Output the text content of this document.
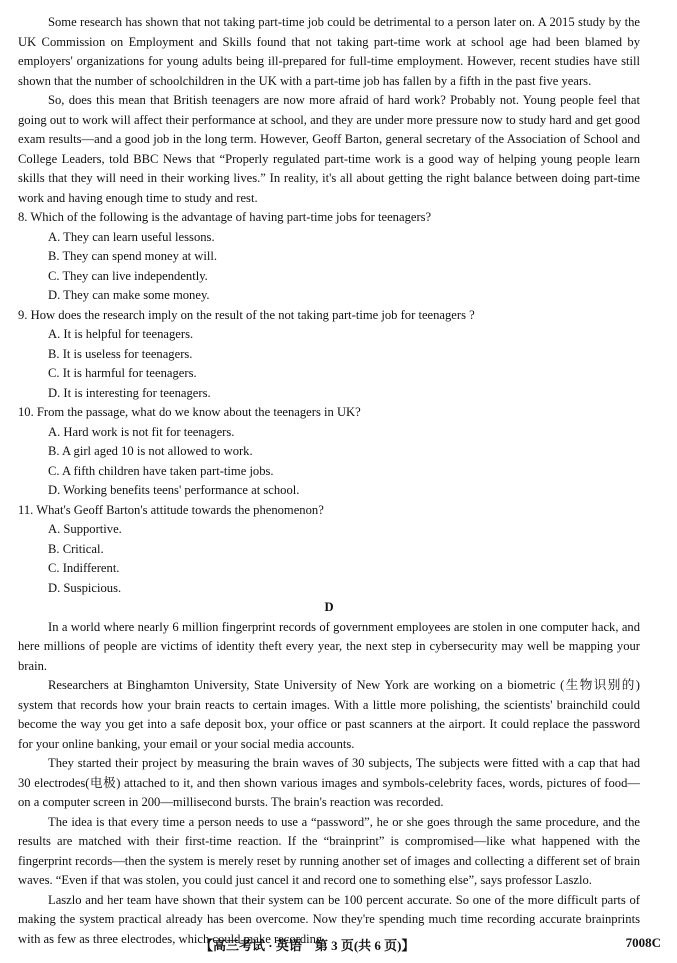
Some research has shown that not taking part-time job could be detrimental to a person later on. A 2015 study by the UK Commission on Employment and Skills found that not taking part-time work at school age had been blamed by employers' organizations for young adults being ill-prepared for full-time employment. However, recent studies have still shown that the number of schoolchildren in the UK with a part-time job has fallen by a fifth in the past five years.

So, does this mean that British teenagers are now more afraid of hard work? Probably not. Young people feel that going out to work will affect their performance at school, and they are under more pressure now to study hard and get good exam results—and a good job in the long term. However, Geoff Barton, general secretary of the Association of School and College Leaders, told BBC News that “Properly regulated part-time work is a good way of helping young people learn skills that they will need in their working lives.” In reality, it's all about getting the right balance between doing part-time work and having enough time to study and rest.

8. Which of the following is the advantage of having part-time jobs for teenagers?
A. They can learn useful lessons.
B. They can spend money at will.
C. They can live independently.
D. They can make some money.
9. How does the research imply on the result of the not taking part-time job for teenagers ?
A. It is helpful for teenagers.
B. It is useless for teenagers.
C. It is harmful for teenagers.
D. It is interesting for teenagers.
10. From the passage, what do we know about the teenagers in UK?
A. Hard work is not fit for teenagers.
B. A girl aged 10 is not allowed to work.
C. A fifth children have taken part-time jobs.
D. Working benefits teens' performance at school.
11. What's Geoff Barton's attitude towards the phenomenon?
A. Supportive.
B. Critical.
C. Indifferent.
D. Suspicious.
D

In a world where nearly 6 million fingerprint records of government employees are stolen in one computer hack, and here millions of people are victims of identity theft every year, the next step in cybersecurity may well be mapping your brain.

Researchers at Binghamton University, State University of New York are working on a biometric (生物识别的) system that records how your brain reacts to certain images. With a little more polishing, the scientists' brainchild could become the way you get into a safe deposit box, your office or past scanners at the airport. It could replace the password for your online banking, your email or your social media accounts.

They started their project by measuring the brain waves of 30 subjects, The subjects were fitted with a cap that had 30 electrodes(电极) attached to it, and then shown various images and symbols-celebrity faces, words, pictures of food—on a computer screen in 200—millisecond bursts. The brain's reaction was recorded.

The idea is that every time a person needs to use a “password”, he or she goes through the same procedure, and the results are matched with their first-time reaction. If the “brainprint” is compromised—like what happened with the fingerprint records—then the system is merely reset by running another set of images and collecting a different set of brain waves. “Even if that was stolen, you could just cancel it and record one to something else”, says professor Laszlo.

Laszlo and her team have shown that their system can be 100 percent accurate. So one of the more difficult parts of making the system practical already has been overcome. Now they're spending much time recording accurate brainprints with as few as three electrodes, which could make recording

【高三考试 · 英语　第 3 页(共 6 页)】	7008C
